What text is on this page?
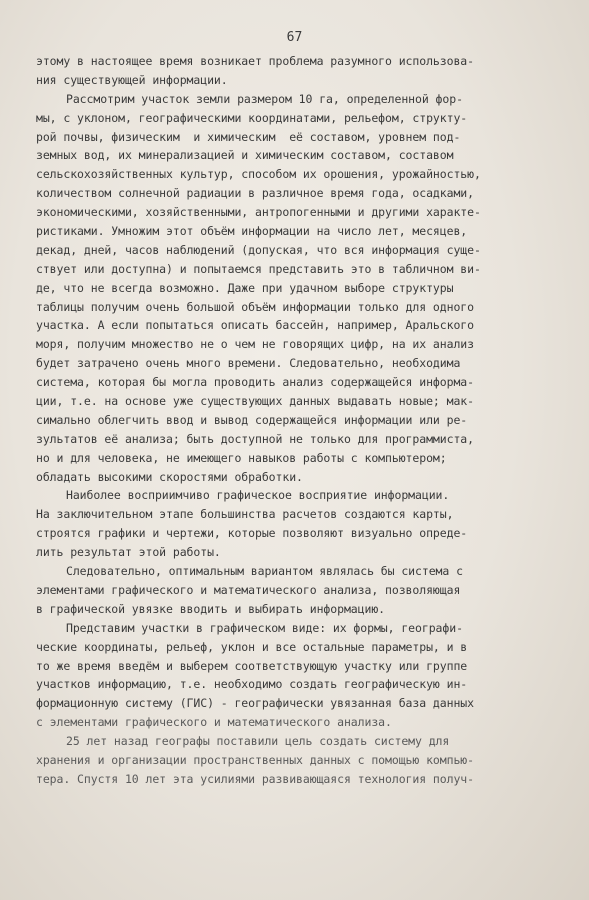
67
этому в настоящее время возникает проблема разумного использова-
ния существующей информации.
Рассмотрим участок земли размером 10 га, определенной фор-
мы, с уклоном, географическими координатами, рельефом, структу-
рой почвы, физическим  и химическим  её составом, уровнем под-
земных вод, их минерализацией и химическим составом, составом
сельскохозяйственных культур, способом их орошения, урожайностью,
количеством солнечной радиации в различное время года, осадками,
экономическими, хозяйственными, антропогенными и другими характе-
ристиками. Умножим этот объём информации на число лет, месяцев,
декад, дней, часов наблюдений (допуская, что вся информация суще-
ствует или доступна) и попытаемся представить это в табличном ви-
де, что не всегда возможно. Даже при удачном выборе структуры
таблицы получим очень большой объём информации только для одного
участка. А если попытаться описать бассейн, например, Аральского
моря, получим множество не о чем не говорящих цифр, на их анализ
будет затрачено очень много времени. Следовательно, необходима
система, которая бы могла проводить анализ содержащейся информа-
ции, т.е. на основе уже существующих данных выдавать новые; мак-
симально облегчить ввод и вывод содержащейся информации или ре-
зультатов её анализа; быть доступной не только для программиста,
но и для человека, не имеющего навыков работы с компьютером;
обладать высокими скоростями обработки.
Наиболее восприимчиво графическое восприятие информации.
На заключительном этапе большинства расчетов создаются карты,
строятся графики и чертежи, которые позволяют визуально опреде-
лить результат этой работы.
Следовательно, оптимальным вариантом являлась бы система с
элементами графического и математического анализа, позволяющая
в графической увязке вводить и выбирать информацию.
Представим участки в графическом виде: их формы, географи-
ческие координаты, рельеф, уклон и все остальные параметры, и в
то же время введём и выберем соответствующую участку или группе
участков информацию, т.е. необходимо создать географическую ин-
формационную систему (ГИС) - географически увязанная база данных
с элементами графического и математического анализа.
25 лет назад географы поставили цель создать систему для
хранения и организации пространственных данных с помощью компью-
тера. Спустя 10 лет эта усилиями развивающаяся технология получ-
